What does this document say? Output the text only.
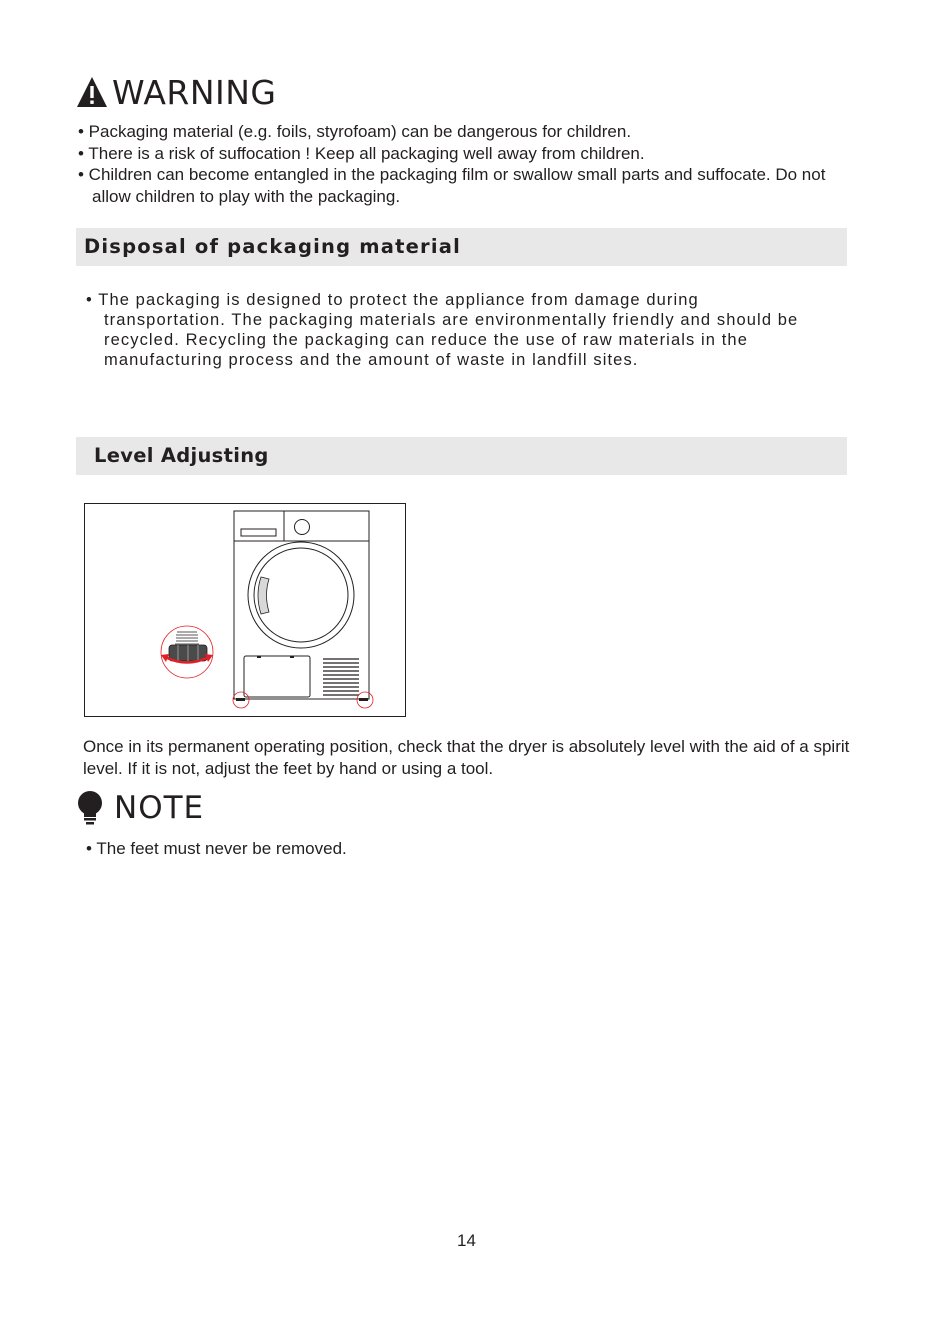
WARNING
• Packaging material (e.g. foils, styrofoam) can be dangerous for children.
• There is a risk of suffocation ! Keep all packaging well away from children.
• Children can become entangled in the packaging film or swallow small parts and suffocate. Do not allow children to play with the packaging.
Disposal of packaging material
• The packaging is designed to protect the appliance from damage during transportation. The packaging materials are environmentally friendly and should be recycled. Recycling the packaging can reduce the use of raw materials in the manufacturing process and the amount of waste in landfill sites.
Level Adjusting
Once in its permanent operating position, check that the dryer is absolutely level with the aid of a spirit level. If it is not, adjust the feet by hand or using a tool.
NOTE
• The feet must never be removed.
14
